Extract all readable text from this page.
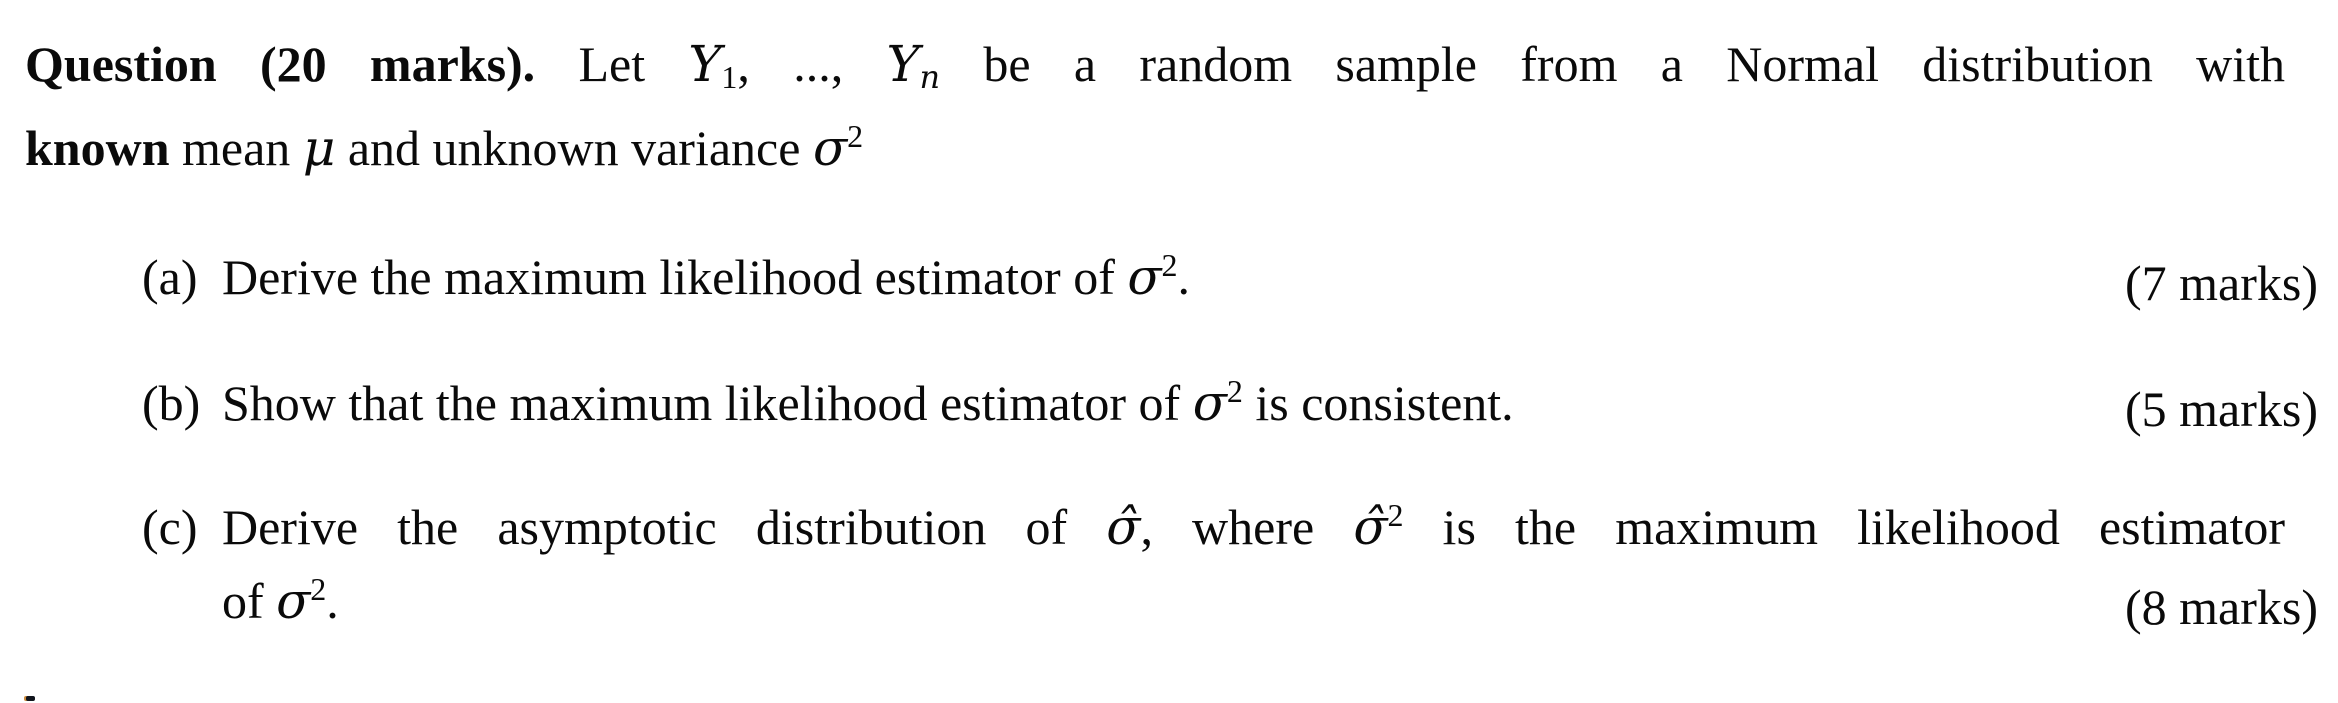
Question (20 marks). Let Y1, ..., Yn be a random sample from a Normal distribution with
known mean μ and unknown variance $\sigma^2$
(a) Derive the maximum likelihood estimator of $\sigma^2$.	(7 marks)
(b) Show that the maximum likelihood estimator of $\sigma^2$ is consistent.	(5 marks)
(c) Derive the asymptotic distribution of σ̂, where σ̂$^2$ is the maximum likelihood estimator
of $\sigma^2$.	(8 marks)
